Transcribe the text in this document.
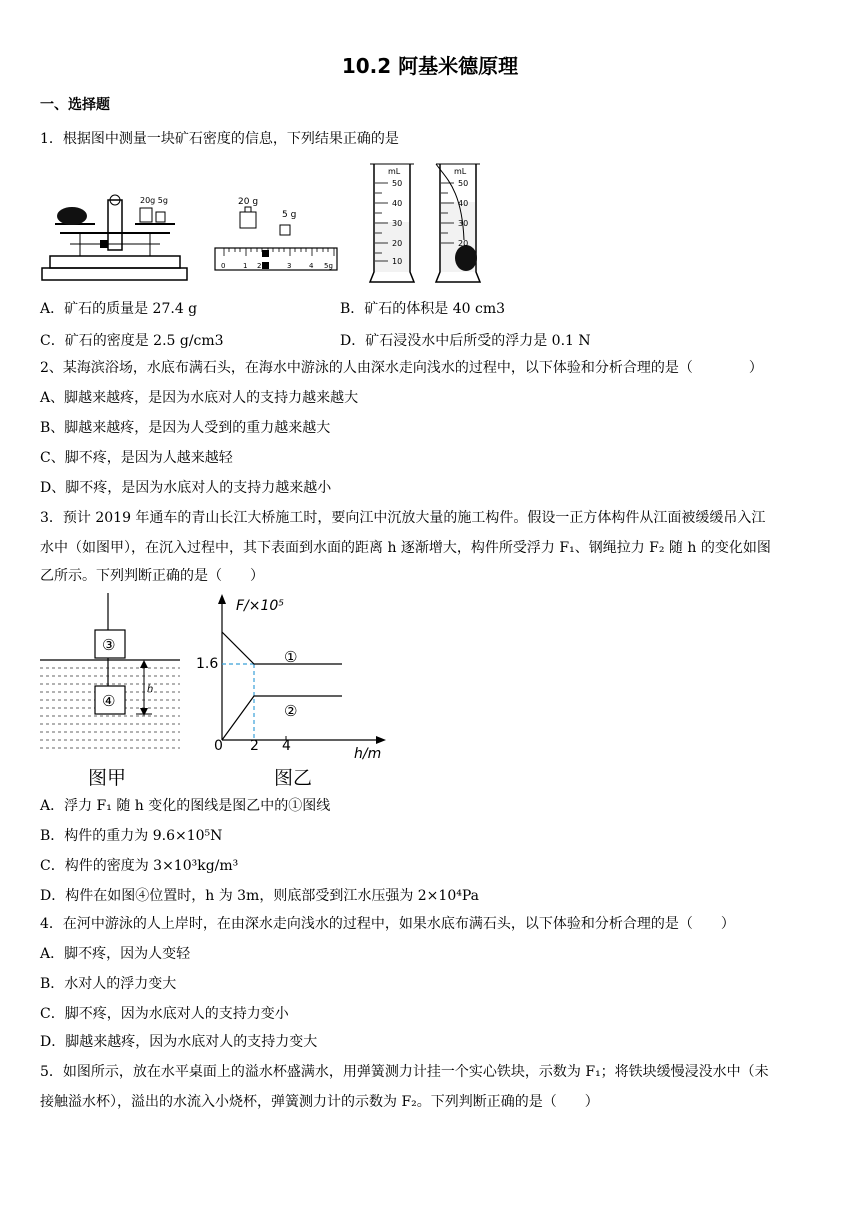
10.2 阿基米德原理
一、选择题
1．根据图中测量一块矿石密度的信息，下列结果正确的是
20g 5g	20 g
5 g
0	1 2	3	4 5g
mL
50
40
30
20
10
mL
50
40
30
20
A．矿石的质量是 27.4 g	B．矿石的体积是 40 cm3
C．矿石的密度是 2.5 g/cm3	D．矿石浸没水中后所受的浮力是 0.1 N
2、某海滨浴场，水底布满石头，在海水中游泳的人由深水走向浅水的过程中，以下体验和分析合理的是（　　　　）
A、脚越来越疼，是因为水底对人的支持力越来越大
B、脚越来越疼，是因为人受到的重力越来越大
C、脚不疼，是因为人越来越轻
D、脚不疼，是因为水底对人的支持力越来越小
3．预计 2019 年通车的青山长江大桥施工时，要向江中沉放大量的施工构件。假设一正方体构件从江面被缓缓吊入江
水中（如图甲），在沉入过程中，其下表面到水面的距离 h 逐渐增大，构件所受浮力 F₁、钢绳拉力 F₂ 随 h 的变化如图
乙所示。下列判断正确的是（　　）
③
④
h
图甲
F/×10⁵
h/m
1.6
0 2 4
①
②
图乙
A．浮力 F₁ 随 h 变化的图线是图乙中的①图线
B．构件的重力为 9.6×10⁵N
C．构件的密度为 3×10³kg/m³
D．构件在如图④位置时，h 为 3m，则底部受到江水压强为 2×10⁴Pa
4．在河中游泳的人上岸时，在由深水走向浅水的过程中，如果水底布满石头，以下体验和分析合理的是（　　）
A．脚不疼，因为人变轻
B．水对人的浮力变大
C．脚不疼，因为水底对人的支持力变小
D．脚越来越疼，因为水底对人的支持力变大
5．如图所示，放在水平桌面上的溢水杯盛满水，用弹簧测力计挂一个实心铁块，示数为 F₁；将铁块缓慢浸没水中（未
接触溢水杯），溢出的水流入小烧杯，弹簧测力计的示数为 F₂。下列判断正确的是（　　）
